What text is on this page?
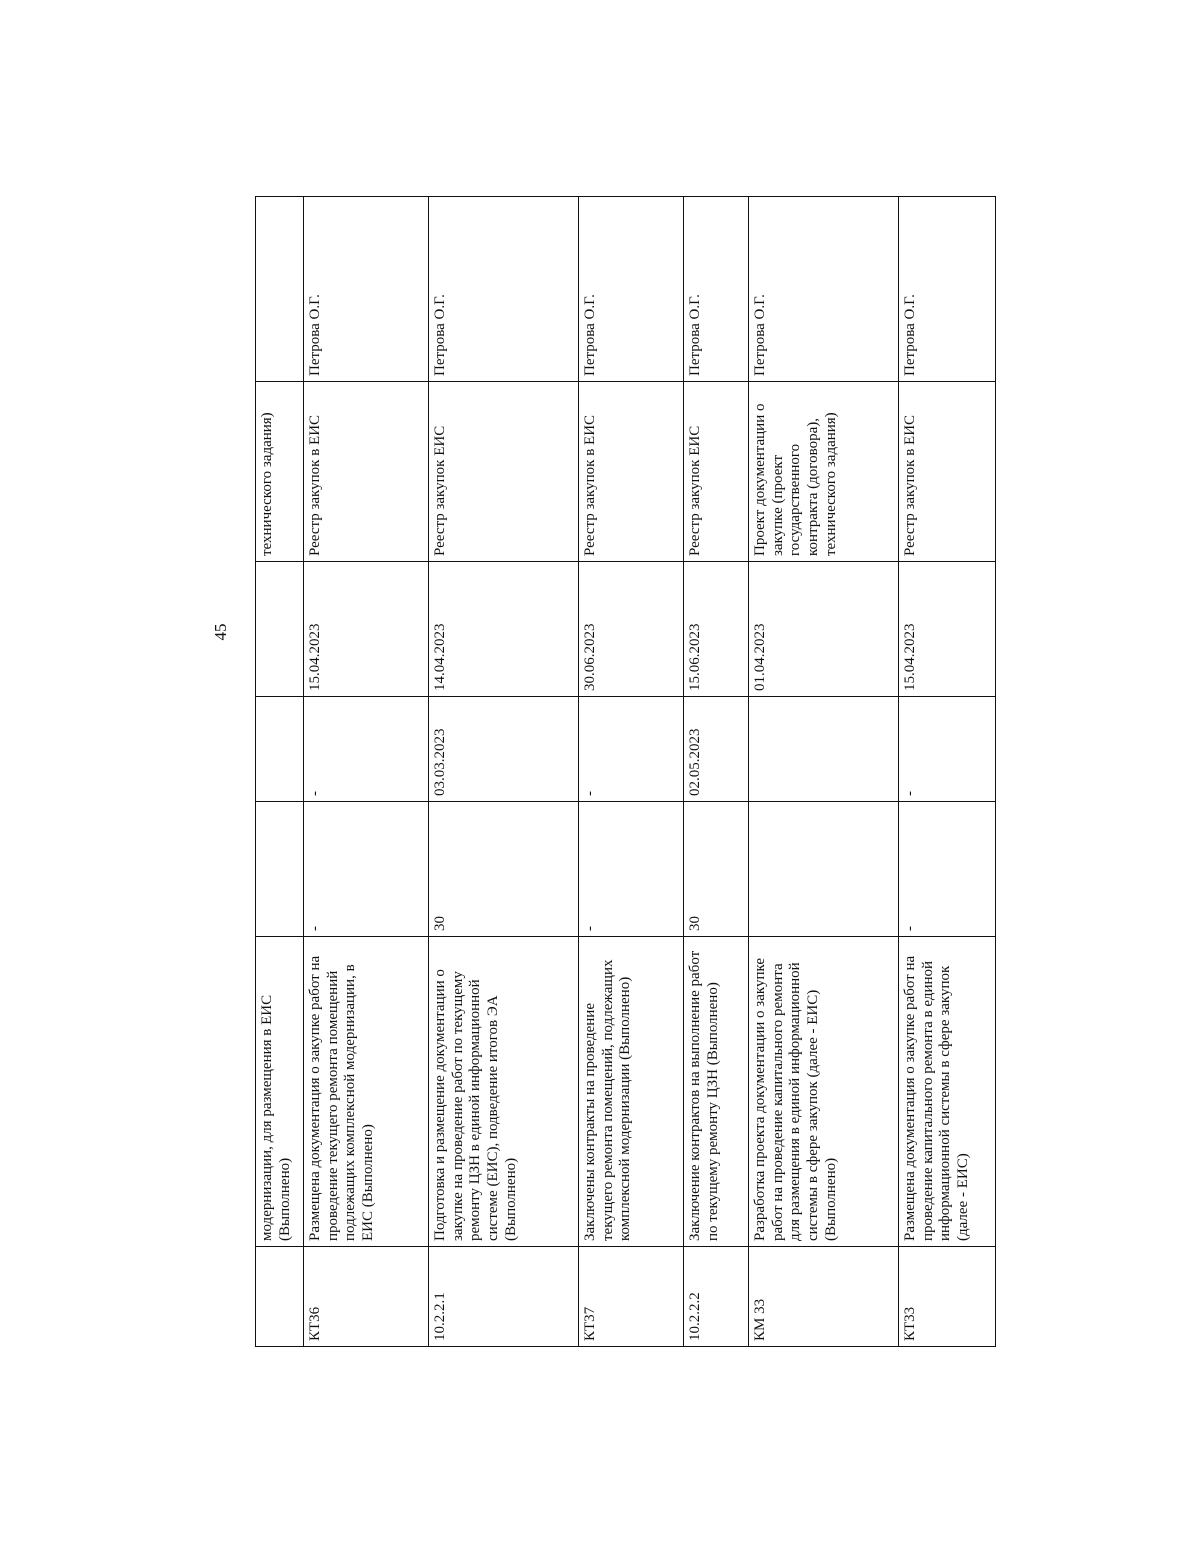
45
	модернизации, для размещения в ЕИС (Выполнено)				технического задания)	
КТ36	Размещена документация о закупке работ на проведение текущего ремонта помещений подлежащих комплексной модернизации, в ЕИС (Выполнено)	-	-	15.04.2023	Реестр закупок в ЕИС	Петрова О.Г.
10.2.2.1	Подготовка и размещение документации о закупке на проведение работ по текущему ремонту ЦЗН в единой информационной системе (ЕИС), подведение итогов ЭА (Выполнено)	30	03.03.2023	14.04.2023	Реестр закупок ЕИС	Петрова О.Г.
КТ37	Заключены контракты на проведение текущего ремонта помещений, подлежащих комплексной модернизации (Выполнено)	-	-	30.06.2023	Реестр закупок в ЕИС	Петрова О.Г.
10.2.2.2	Заключение контрактов на выполнение работ по текущему ремонту ЦЗН (Выполнено)	30	02.05.2023	15.06.2023	Реестр закупок ЕИС	Петрова О.Г.
КМ 33	Разработка проекта документации о закупке работ на проведение капитального ремонта для размещения в единой информационной системы в сфере закупок (далее - ЕИС) (Выполнено)			01.04.2023	Проект документации о закупке (проект государственного контракта (договора), технического задания)	Петрова О.Г.
КТ33	Размещена документация о закупке работ на проведение капитального ремонта в единой информационной системы в сфере закупок (далее - ЕИС)	-	-	15.04.2023	Реестр закупок в ЕИС	Петрова О.Г.
